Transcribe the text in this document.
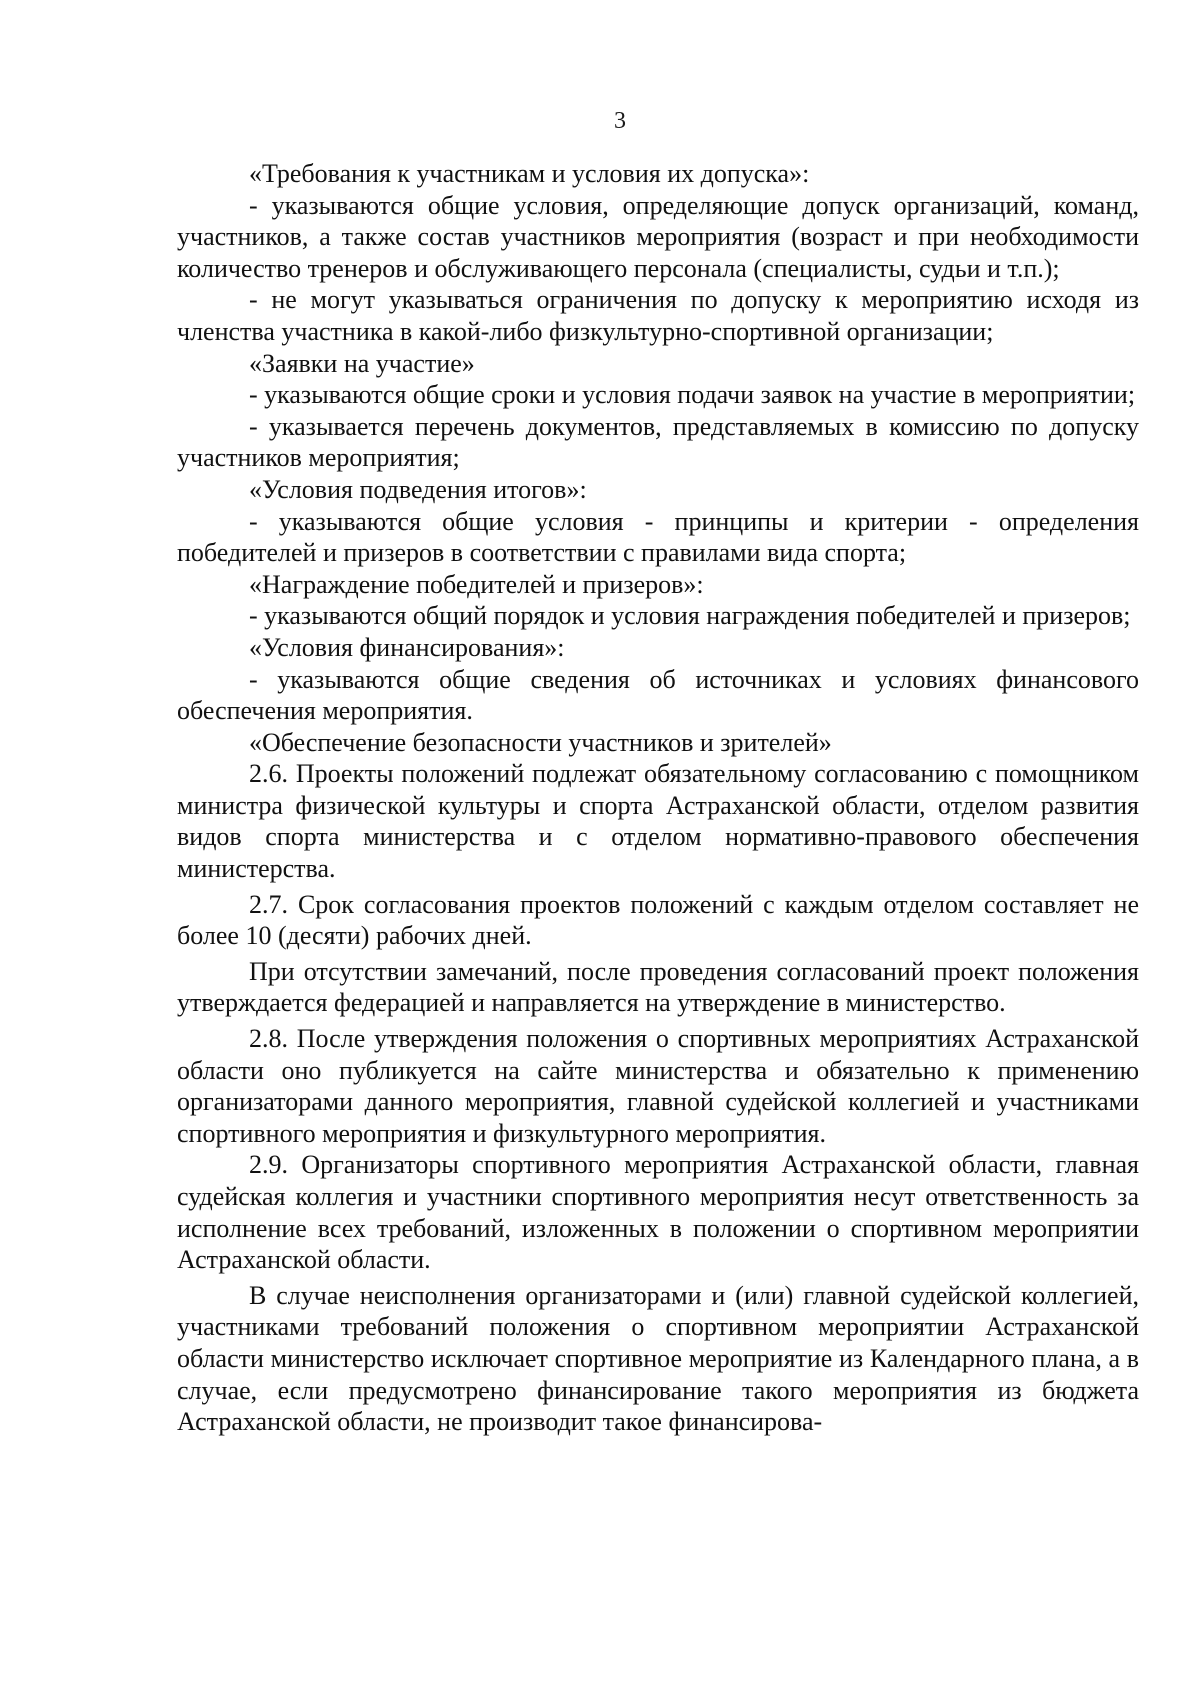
3

«Требования к участникам и условия их допуска»:

- указываются общие условия, определяющие допуск организаций, команд, участников, а также состав участников мероприятия (возраст и при необходимости количество тренеров и обслуживающего персонала (специалисты, судьи и т.п.);

- не могут указываться ограничения по допуску к мероприятию исходя из членства участника в какой-либо физкультурно-спортивной организации;

«Заявки на участие»

- указываются общие сроки и условия подачи заявок на участие в мероприятии;

- указывается перечень документов, представляемых в комиссию по допуску участников мероприятия;

«Условия подведения итогов»:

- указываются общие условия - принципы и критерии - определения победителей и призеров в соответствии с правилами вида спорта;

«Награждение победителей и призеров»:

- указываются общий порядок и условия награждения победителей и призеров;

«Условия финансирования»:

- указываются общие сведения об источниках и условиях финансового обеспечения мероприятия.

«Обеспечение безопасности участников и зрителей»

2.6. Проекты положений подлежат обязательному согласованию с помощником министра физической культуры и спорта Астраханской области, отделом развития видов спорта министерства и с отделом нормативно-правового обеспечения министерства.

2.7. Срок согласования проектов положений с каждым отделом составляет не более 10 (десяти) рабочих дней.

При отсутствии замечаний, после проведения согласований проект положения утверждается федерацией и направляется на утверждение в министерство.

2.8. После утверждения положения о спортивных мероприятиях Астраханской области оно публикуется на сайте министерства и обязательно к применению организаторами данного мероприятия, главной судейской коллегией и участниками спортивного мероприятия и физкультурного мероприятия.

2.9. Организаторы спортивного мероприятия Астраханской области, главная судейская коллегия и участники спортивного мероприятия несут ответственность за исполнение всех требований, изложенных в положении о спортивном мероприятии Астраханской области.

В случае неисполнения организаторами и (или) главной судейской коллегией, участниками требований положения о спортивном мероприятии Астраханской области министерство исключает спортивное мероприятие из Календарного плана, а в случае, если предусмотрено финансирование такого мероприятия из бюджета Астраханской области, не производит такое финансирова-
